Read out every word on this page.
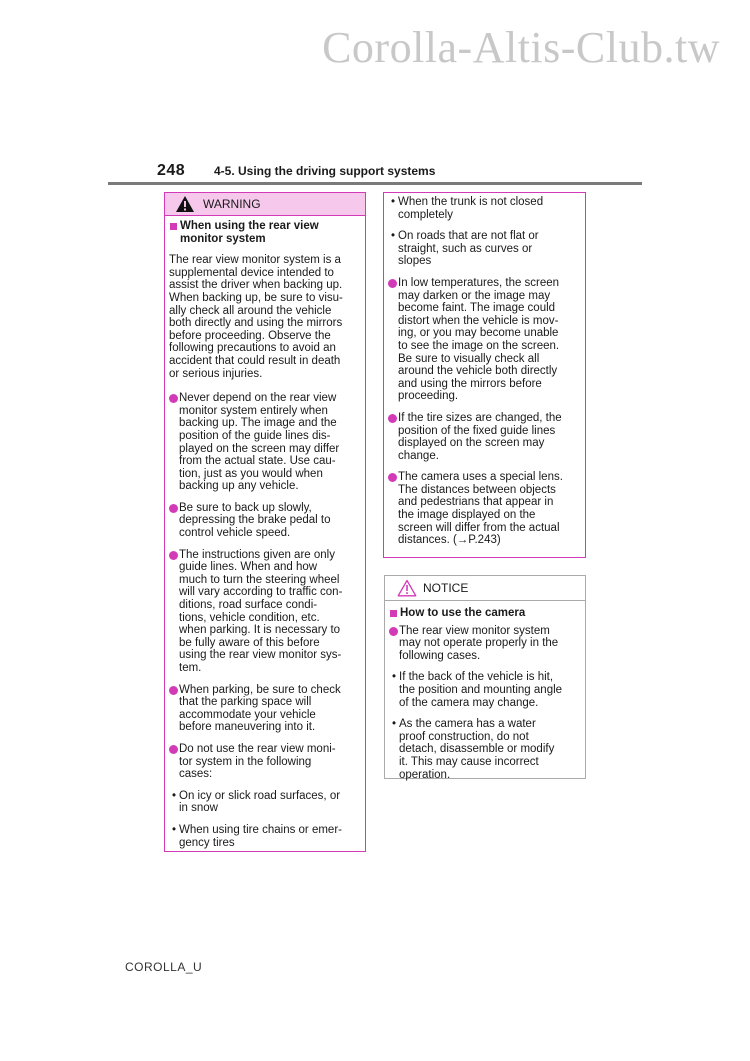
Corolla-Altis-Club.tw
248 4-5. Using the driving support systems
WARNING
When using the rear view monitor system
The rear view monitor system is a
supplemental device intended to
assist the driver when backing up.
When backing up, be sure to visu-
ally check all around the vehicle
both directly and using the mirrors
before proceeding. Observe the
following precautions to avoid an
accident that could result in death
or serious injuries.
Never depend on the rear view
monitor system entirely when
backing up. The image and the
position of the guide lines dis-
played on the screen may differ
from the actual state. Use cau-
tion, just as you would when
backing up any vehicle.
Be sure to back up slowly,
depressing the brake pedal to
control vehicle speed.
The instructions given are only
guide lines. When and how
much to turn the steering wheel
will vary according to traffic con-
ditions, road surface condi-
tions, vehicle condition, etc.
when parking. It is necessary to
be fully aware of this before
using the rear view monitor sys-
tem.
When parking, be sure to check
that the parking space will
accommodate your vehicle
before maneuvering into it.
Do not use the rear view moni-
tor system in the following
cases:
• On icy or slick road surfaces, or
in snow
• When using tire chains or emer-
gency tires
• When the trunk is not closed
completely
• On roads that are not flat or
straight, such as curves or
slopes
In low temperatures, the screen
may darken or the image may
become faint. The image could
distort when the vehicle is mov-
ing, or you may become unable
to see the image on the screen.
Be sure to visually check all
around the vehicle both directly
and using the mirrors before
proceeding.
If the tire sizes are changed, the
position of the fixed guide lines
displayed on the screen may
change.
The camera uses a special lens.
The distances between objects
and pedestrians that appear in
the image displayed on the
screen will differ from the actual
distances. (→P.243)
NOTICE
How to use the camera
The rear view monitor system
may not operate properly in the
following cases.
• If the back of the vehicle is hit,
the position and mounting angle
of the camera may change.
• As the camera has a water
proof construction, do not
detach, disassemble or modify
it. This may cause incorrect
operation.
COROLLA_U
